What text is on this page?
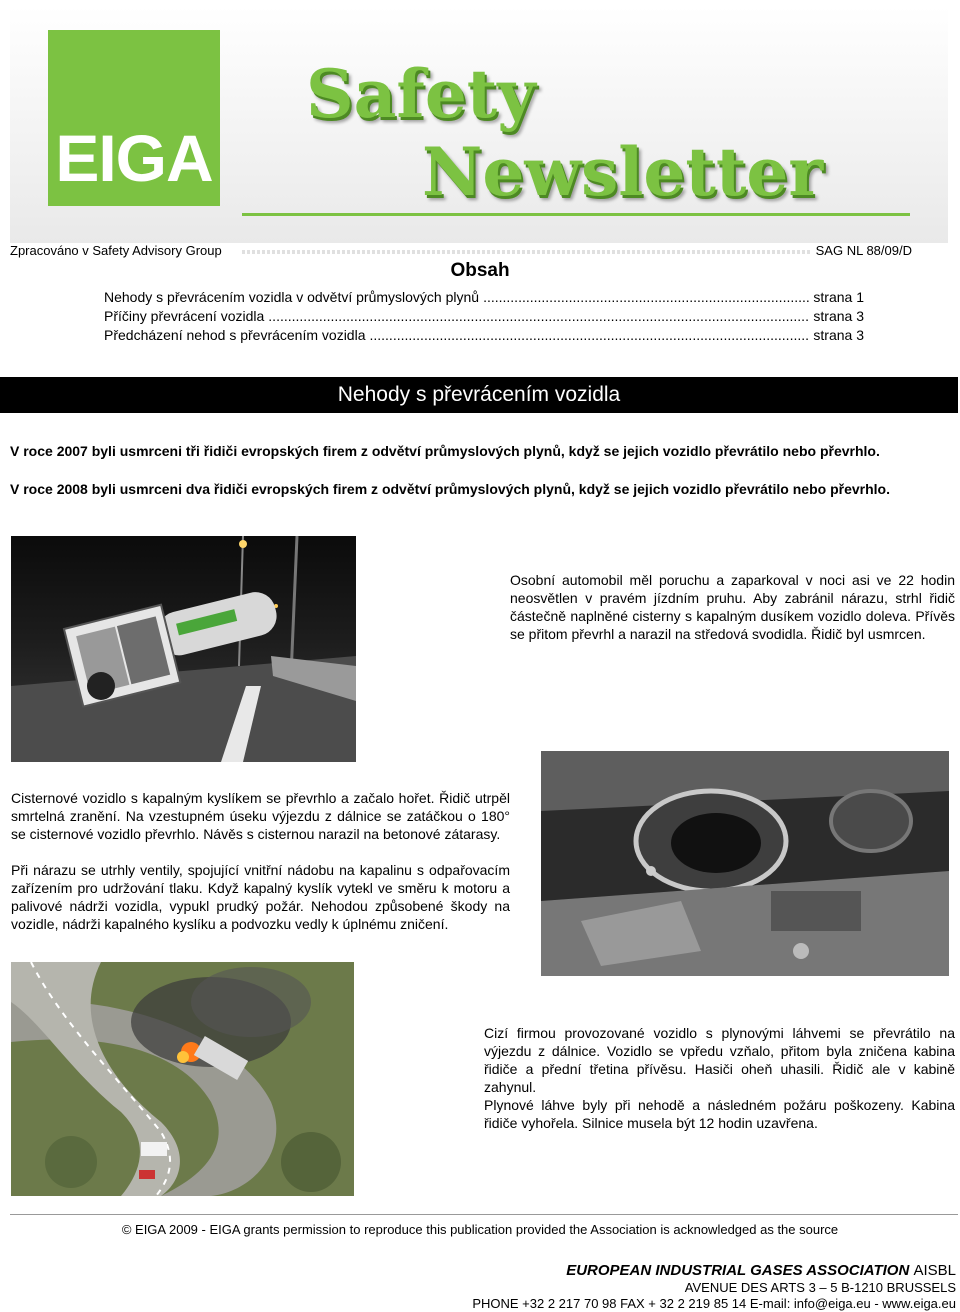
EIGA
Safety
Newsletter
Zpracováno v Safety Advisory Group	SAG NL 88/09/D
Obsah
Nehody s převrácením vozidla v odvětví průmyslových plynů .....	strana 1
Příčiny převrácení vozidla .....	strana 3
Předcházení nehod s převrácením vozidla .....	strana 3
Nehody s převrácením vozidla
V roce 2007 byli usmrceni tři řidiči evropských firem z odvětví průmyslových plynů, když se jejich vozidlo převrátilo nebo převrhlo.
V roce 2008 byli usmrceni dva řidiči evropských firem z odvětví průmyslových plynů, když se jejich vozidlo převrátilo nebo převrhlo.
Osobní automobil měl poruchu a zaparkoval v noci asi ve 22 hodin neosvětlen v pravém jízdním pruhu. Aby zabránil nárazu, strhl řidič částečně naplněné cisterny s kapalným dusíkem vozidlo doleva. Přívěs se přitom převrhl a narazil na středová svodidla. Řidič byl usmrcen.
Cisternové vozidlo s kapalným kyslíkem se převrhlo a začalo hořet. Řidič utrpěl smrtelná zranění. Na vzestupném úseku výjezdu z dálnice se zatáčkou o 180° se cisternové vozidlo převrhlo. Návěs s cisternou narazil na betonové zátarasy.
Při nárazu se utrhly ventily, spojující vnitřní nádobu na kapalinu s odpařovacím zařízením pro udržování tlaku. Když kapalný kyslík vytekl ve směru k motoru a palivové nádrži vozidla, vypukl prudký požár. Nehodou způsobené škody na vozidle, nádrži kapalného kyslíku a podvozku vedly k úplnému zničení.
Cizí firmou provozované vozidlo s plynovými láhvemi se převrátilo na výjezdu z dálnice. Vozidlo se vpředu vzňalo, přitom byla zničena kabina řidiče a přední třetina přívěsu. Hasiči oheň uhasili. Řidič ale v kabině zahynul.
Plynové láhve byly při nehodě a následném požáru poškozeny. Kabina řidiče vyhořela. Silnice musela být 12 hodin uzavřena.
© EIGA 2009 - EIGA grants permission to reproduce this publication provided the Association is acknowledged as the source
EUROPEAN INDUSTRIAL GASES ASSOCIATION AISBL
AVENUE DES ARTS 3 – 5 B-1210 BRUSSELS
PHONE +32 2 217 70 98 FAX + 32 2 219 85 14 E-mail: info@eiga.eu - www.eiga.eu
